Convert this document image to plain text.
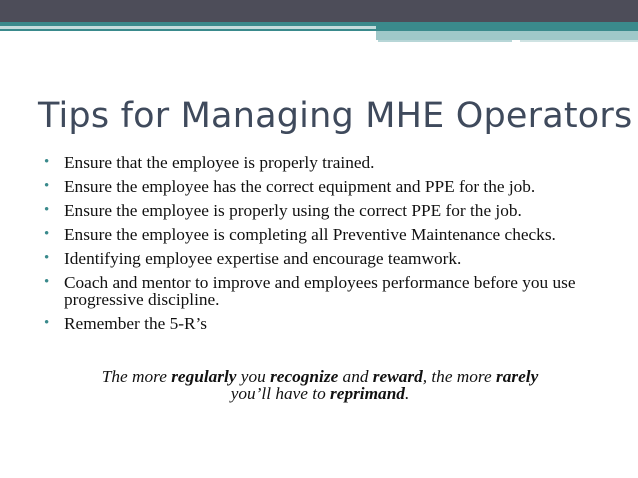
Tips for Managing MHE Operators
• Ensure that the employee is properly trained.
• Ensure the employee has the correct equipment and PPE for the job.
• Ensure the employee is properly using the correct PPE for the job.
• Ensure the employee is completing all Preventive Maintenance checks.
• Identifying employee expertise and encourage teamwork.
• Coach and mentor to improve and employees performance before you use progressive discipline.
• Remember the 5-R’s
The more regularly you recognize and reward, the more rarely
you’ll have to reprimand.
